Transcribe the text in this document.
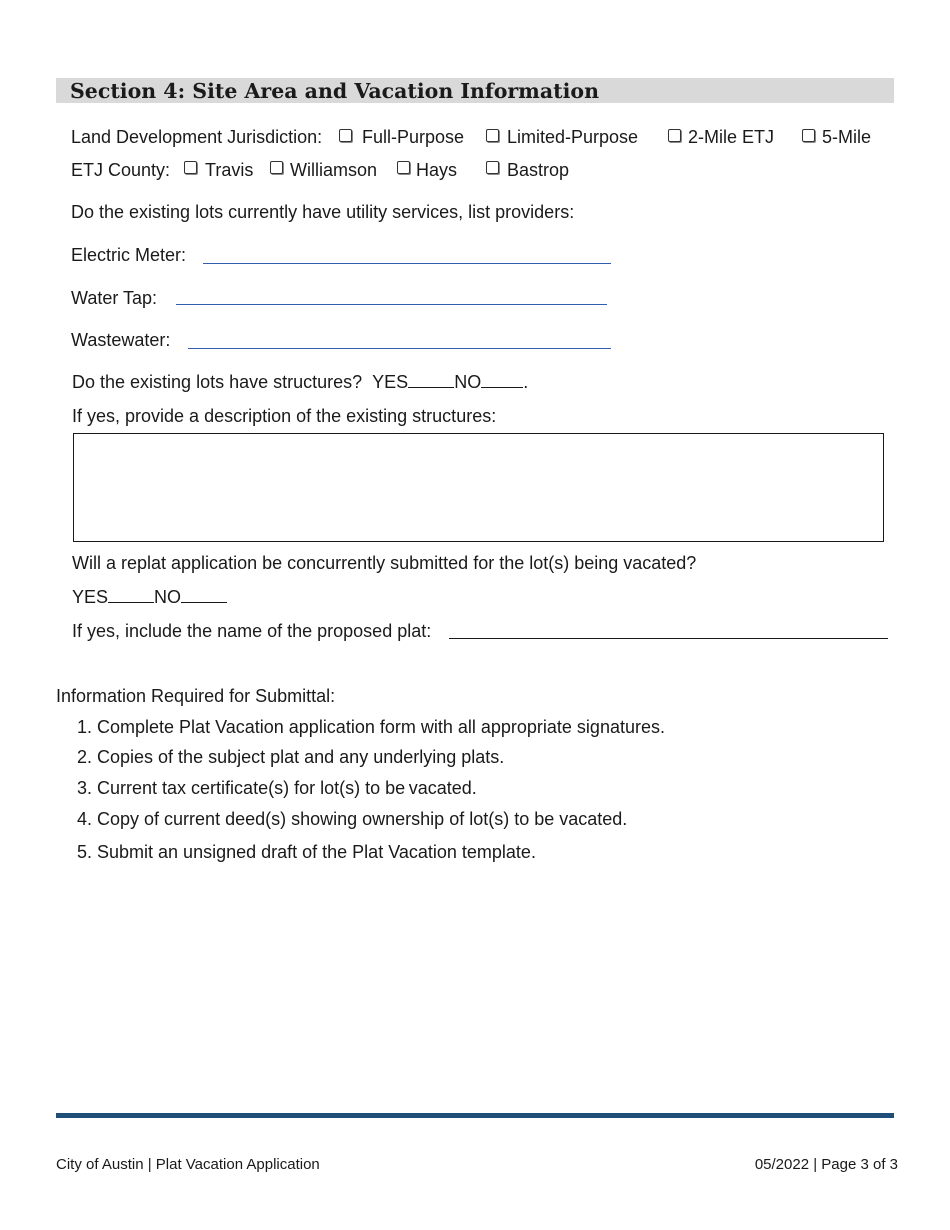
Section 4: Site Area and Vacation Information
Land Development Jurisdiction: Full-Purpose Limited-Purpose	2-Mile ETJ	5-Mile
ETJ County: Travis Williamson Hays	Bastrop
Do the existing lots currently have utility services, list providers:
Electric Meter:
Water Tap:
Wastewater:
Do the existing lots have structures? YES	NO .
If yes, provide a description of the existing structures:
Will a replat application be concurrently submitted for the lot(s) being vacated?
YES	NO
If yes, include the name of the proposed plat:
Information Required for Submittal:
1. Complete Plat Vacation application form with all appropriate signatures.
2. Copies of the subject plat and any underlying plats.
3. Current tax certificate(s) for lot(s) to be vacated.
4. Copy of current deed(s) showing ownership of lot(s) to be vacated.
5. Submit an unsigned draft of the Plat Vacation template.
City of Austin | Plat Vacation Application	05/2022 | Page 3 of 3
